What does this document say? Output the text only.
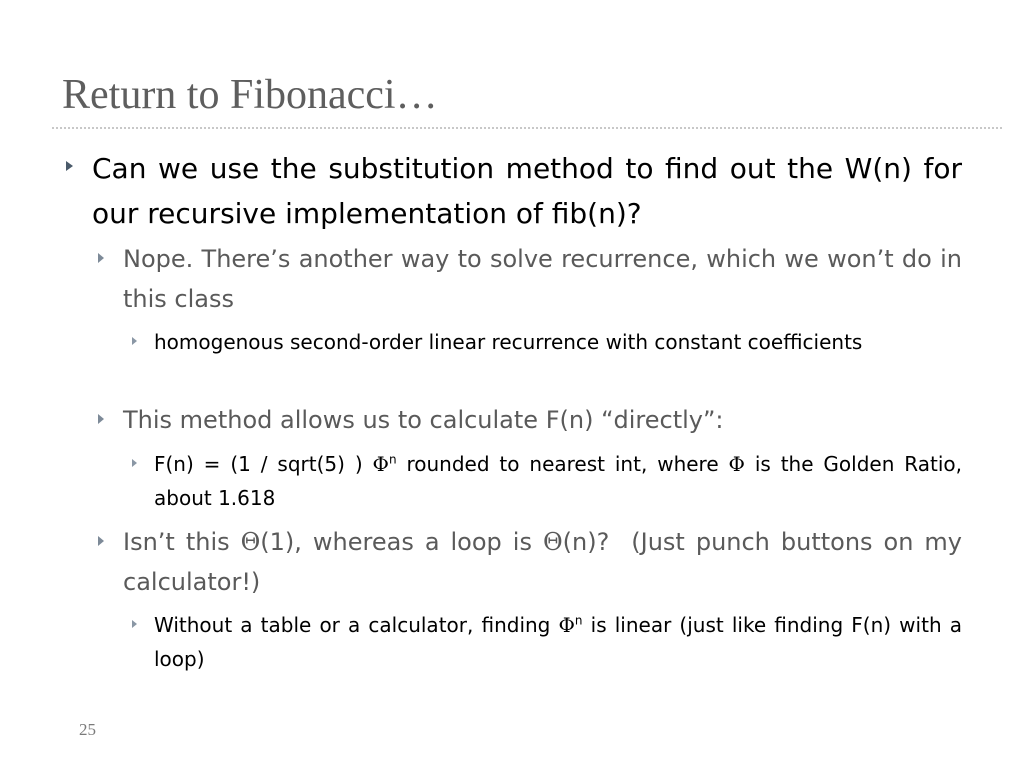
Return to Fibonacci…
Can we use the substitution method to find out the W(n) for our recursive implementation of fib(n)?
Nope. There’s another way to solve recurrence, which we won’t do in this class
homogenous second-order linear recurrence with constant coefficients
This method allows us to calculate F(n) “directly”:
F(n) = (1 / sqrt(5) ) $\Phi^n$ rounded to nearest int, where Φ is the Golden Ratio, about 1.618
Isn’t this Θ(1), whereas a loop is Θ(n)?  (Just punch buttons on my calculator!)
Without a table or a calculator, finding $\Phi^n$ is linear (just like finding F(n) with a loop)
25
